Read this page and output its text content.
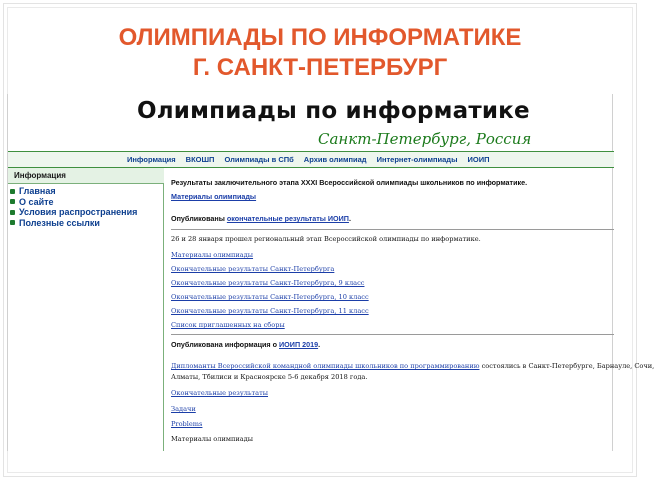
ОЛИМПИАДЫ ПО ИНФОРМАТИКЕ
Г. САНКТ-ПЕТЕРБУРГ
Олимпиады по информатике
Санкт-Петербург, Россия
Информация ВКОШП Олимпиады в СПб Архив олимпиад Интернет-олимпиады ИОИП
Информация
Главная
О сайте
Условия распространения
Полезные ссылки
Результаты заключительного этапа XXXI Всероссийской олимпиады школьников по информатике.
Материалы олимпиады
Опубликованы окончательные результаты ИОИП.
26 и 28 января прошел региональный этап Всероссийской олимпиады по информатике.
Материалы олимпиады
Окончательные результаты Санкт-Петербурга
Окончательные результаты Санкт-Петербурга, 9 класс
Окончательные результаты Санкт-Петербурга, 10 класс
Окончательные результаты Санкт-Петербурга, 11 класс
Список приглашенных на сборы
Опубликована информация о ИОИП 2019.
Дипломанты Всероссийской командной олимпиады школьников по программированию состоялись в Санкт-Петербурге, Барнауле, Сочи,
Алматы, Тбилиси и Красноярске 5-6 декабря 2018 года.
Окончательные результаты
Задачи
Problems
Материалы олимпиады
